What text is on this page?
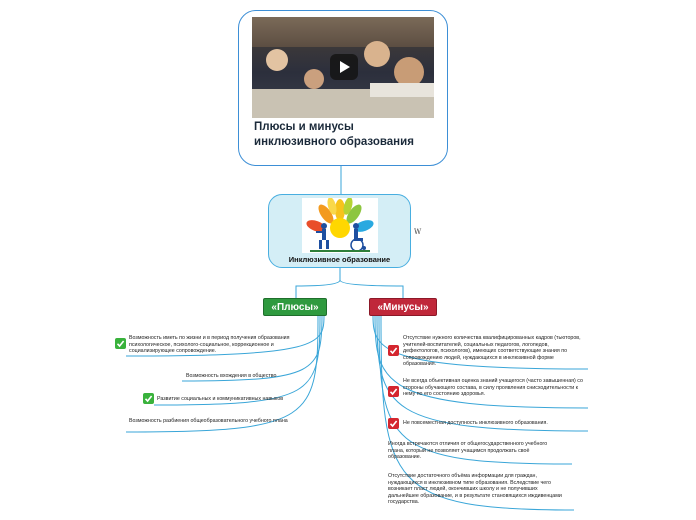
Плюсы и минусы инклюзивного образования
Инклюзивное образование
W
«Плюсы»	«Минусы»
Возможность иметь по жизни и в период получения образования психологическое, психолого-социальное, коррекционное и социализирующее сопровождение.
Возможность вхождения в общество
Развитие социальных и коммуникативных навыков
Возможность разбиения общеобразовательного учебного плана
Отсутствие нужного количества квалифицированных кадров (тьюторов, учителей-воспитателей, социальных педагогов, логопедов, дефектологов, психологов), имеющих соответствующие знания по сопровождению людей, нуждающихся в инклюзивной форме образования.
Не всегда объективная оценка знаний учащегося (часто завышенная) со стороны обучающего состава, в силу проявления снисходительности к нему по его состоянию здоровья.
Не повсеместная доступность инклюзивного образования.
Иногда встречаются отличия от общегосударственного учебного плана, который не позволяет учащимся продолжать своё образование.
Отсутствие достаточного объёма информации для граждан, нуждающихся в инклюзивном типе образования. Вследствие чего возникает пласт людей, окончивших школу и не получивших дальнейшее образование, и в результате становящихся иждивенцами государства.
